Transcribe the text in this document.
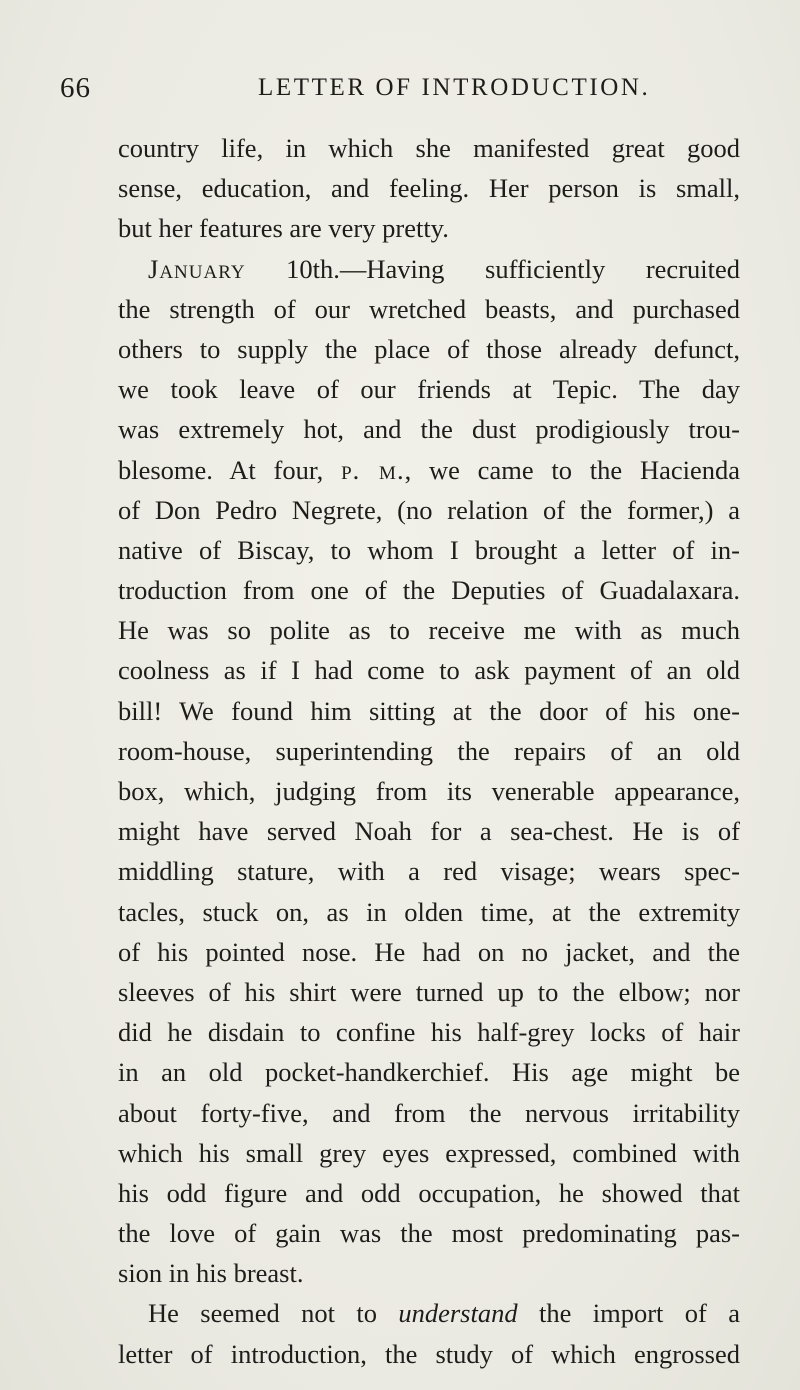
66	LETTER OF INTRODUCTION.
country life, in which she manifested great good
sense, education, and feeling. Her person is small,
but her features are very pretty.
January 10th.—Having sufficiently recruited
the strength of our wretched beasts, and purchased
others to supply the place of those already defunct,
we took leave of our friends at Tepic. The day
was extremely hot, and the dust prodigiously trou-
blesome. At four, p. m., we came to the Hacienda
of Don Pedro Negrete, (no relation of the former,) a
native of Biscay, to whom I brought a letter of in-
troduction from one of the Deputies of Guadalaxara.
He was so polite as to receive me with as much
coolness as if I had come to ask payment of an old
bill! We found him sitting at the door of his one-
room-house, superintending the repairs of an old
box, which, judging from its venerable appearance,
might have served Noah for a sea-chest. He is of
middling stature, with a red visage; wears spec-
tacles, stuck on, as in olden time, at the extremity
of his pointed nose. He had on no jacket, and the
sleeves of his shirt were turned up to the elbow; nor
did he disdain to confine his half-grey locks of hair
in an old pocket-handkerchief. His age might be
about forty-five, and from the nervous irritability
which his small grey eyes expressed, combined with
his odd figure and odd occupation, he showed that
the love of gain was the most predominating pas-
sion in his breast.
He seemed not to understand the import of a
letter of introduction, the study of which engrossed
